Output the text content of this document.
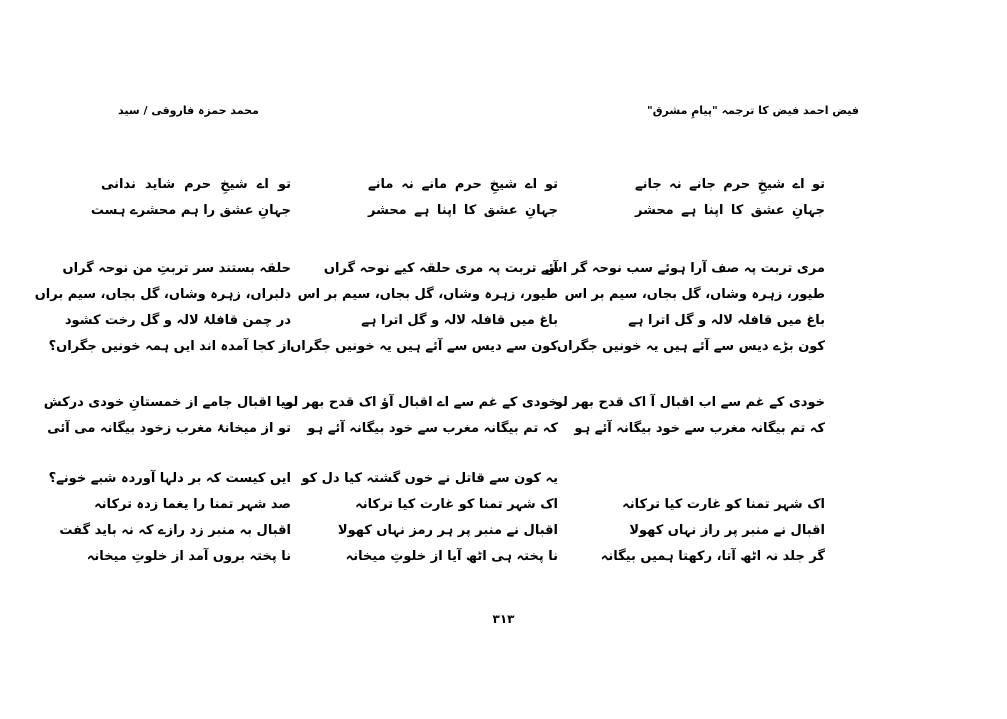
فیض احمد فیض کا ترجمہ "پیامِ مشرق"
محمد حمزہ فاروقی / سید
تو اے شیخِ حرم جانے نہ جانے
جہانِ عشق کا اپنا ہے محشر
مری تربت پہ صف آرا ہوئے سب نوحہ گر اس
طیور، زہرہ وشاں، گل بجاں، سیم بر اس
باغ میں قافلہ لالہ و گل اترا ہے
کون بڑے دیس سے آئے ہیں یہ خونیں جگراں
خودی کے غم سے اب اقبال آ اک قدح بھر لو
کہ تم بیگانہ مغرب سے خود بیگانہ آئے ہو
اک شہر تمنا کو غارت کیا ترکانہ
اقبال نے منبر پر راز نہاں کھولا
گر جلد نہ اٹھ آتا، رکھتا ہمیں بیگانہ
تو اے شیخِ حرم مانے نہ مانے
جہانِ عشق کا اپنا ہے محشر
آئے تربت پہ مری حلقہ کیے نوحہ گراں
طیور، زہرہ وشاں، گل بجاں، سیم بر اس
باغ میں قافلہ لالہ و گل اترا ہے
کون سے دیس سے آئے ہیں یہ خونیں جگراں
خودی کے غم سے اے اقبال آؤ اک قدح بھر لو
کہ تم بیگانہ مغرب سے خود بیگانہ آئے ہو
یہ کون سے قاتل نے خوں گشتہ کیا دل کو
اک شہر تمنا کو غارت کیا ترکانہ
اقبال نے منبر پر ہر رمز نہاں کھولا
نا پختہ ہی اٹھ آیا از خلوتِ میخانہ
تو اے شیخِ حرم شاید ندانی
جہانِ عشق را ہم محشرے ہست
حلقہ بستند سر تربتِ من نوحہ گراں
دلبراں، زہرہ وشاں، گل بجاں، سیم براں
در چمن قافلۂ لالہ و گل رخت کشود
از کجا آمدہ اند ایں ہمہ خونیں جگراں؟
بیا اقبال جامے از خمستانِ خودی درکش
تو از میخانۂ مغرب زخود بیگانہ می آئی
ایں کیست کہ بر دلہا آوردہ شبے خونے؟
صد شہر تمنا را یغما زدہ ترکانہ
اقبال بہ منبر زد رازے کہ نہ باید گفت
نا پختہ بروں آمد از خلوتِ میخانہ
۳۱۳
